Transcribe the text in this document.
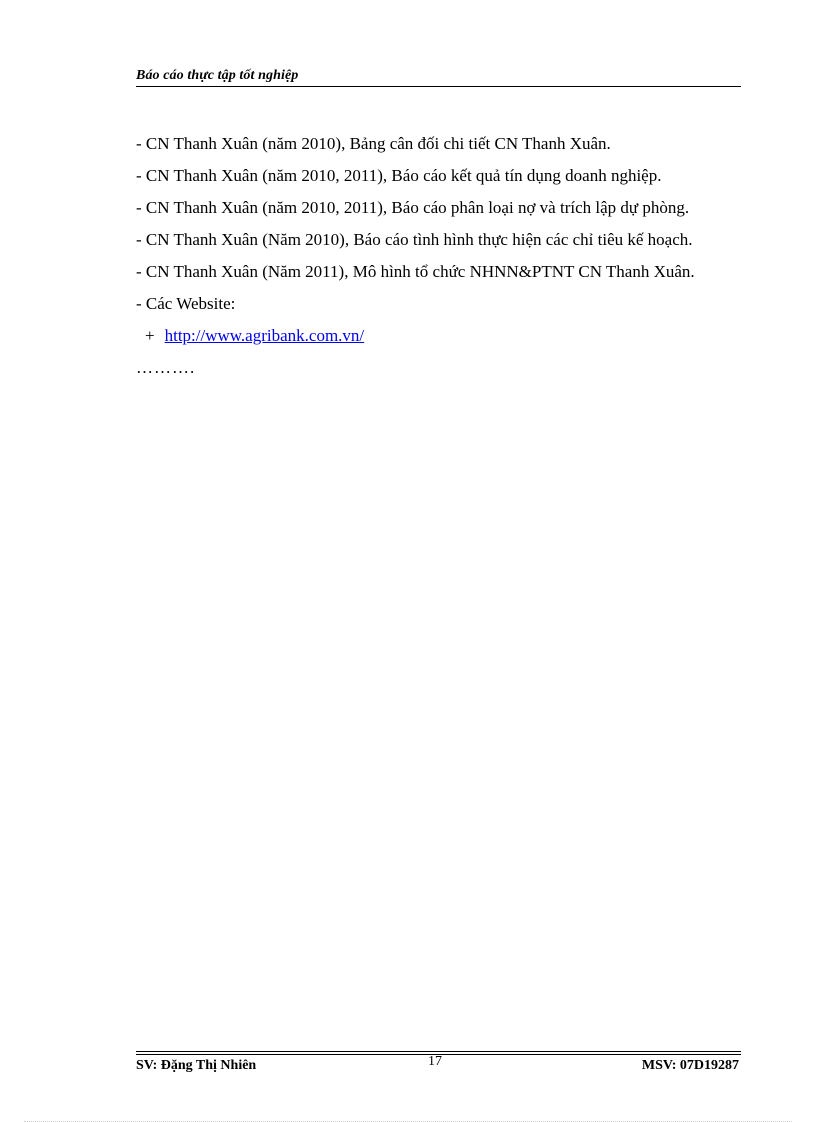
Báo cáo thực tập tốt nghiệp

- CN Thanh Xuân (năm 2010), Bảng cân đối chi tiết CN Thanh Xuân.

- CN Thanh Xuân (năm 2010, 2011), Báo cáo kết quả tín dụng doanh nghiệp.

- CN Thanh Xuân (năm 2010, 2011), Báo cáo phân loại nợ và trích lập dự phòng.

- CN Thanh Xuân (Năm 2010), Báo cáo tình hình thực hiện các chỉ tiêu kế hoạch.

- CN Thanh Xuân (Năm 2011), Mô hình tổ chức NHNN&PTNT CN Thanh Xuân.

- Các Website:

+ http://www.agribank.com.vn/

……….

SV: Đặng Thị Nhiên	17	MSV: 07D19287
